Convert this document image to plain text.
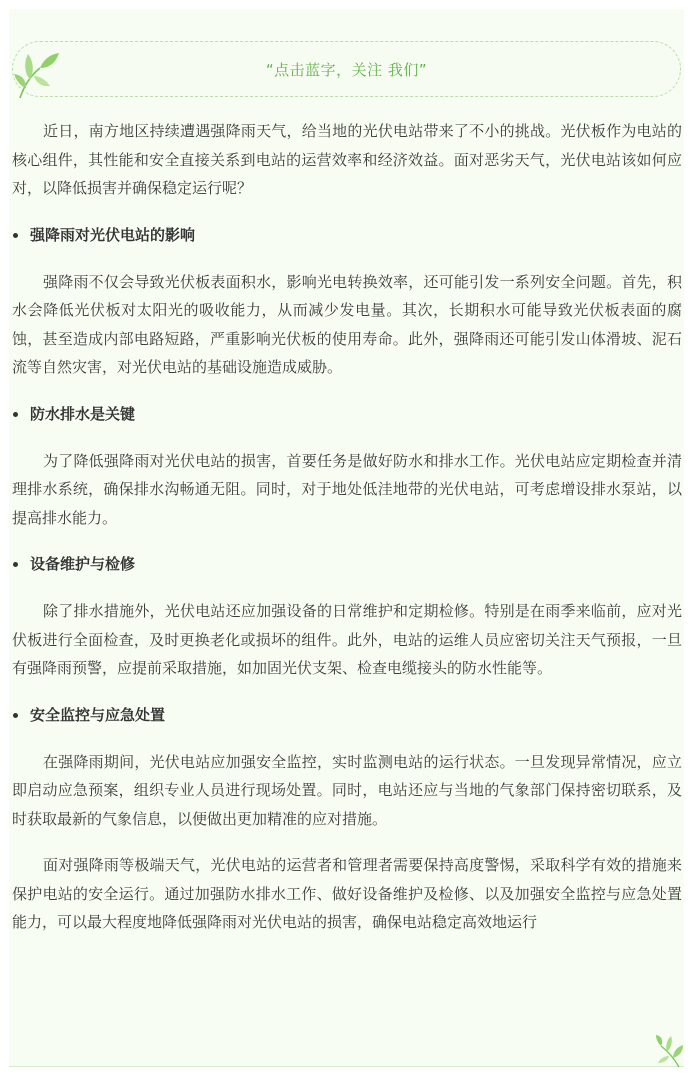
“点击蓝字，关注 我们”

近日，南方地区持续遭遇强降雨天气，给当地的光伏电站带来了不小的挑战。光伏板作为电站的核心组件，其性能和安全直接关系到电站的运营效率和经济效益。面对恶劣天气，光伏电站该如何应对，以降低损害并确保稳定运行呢？

强降雨对光伏电站的影响

强降雨不仅会导致光伏板表面积水，影响光电转换效率，还可能引发一系列安全问题。首先，积水会降低光伏板对太阳光的吸收能力，从而减少发电量。其次，长期积水可能导致光伏板表面的腐蚀，甚至造成内部电路短路，严重影响光伏板的使用寿命。此外，强降雨还可能引发山体滑坡、泥石流等自然灾害，对光伏电站的基础设施造成威胁。

防水排水是关键

为了降低强降雨对光伏电站的损害，首要任务是做好防水和排水工作。光伏电站应定期检查并清理排水系统，确保排水沟畅通无阻。同时，对于地处低洼地带的光伏电站，可考虑增设排水泵站，以提高排水能力。

设备维护与检修

除了排水措施外，光伏电站还应加强设备的日常维护和定期检修。特别是在雨季来临前，应对光伏板进行全面检查，及时更换老化或损坏的组件。此外，电站的运维人员应密切关注天气预报，一旦有强降雨预警，应提前采取措施，如加固光伏支架、检查电缆接头的防水性能等。

安全监控与应急处置

在强降雨期间，光伏电站应加强安全监控，实时监测电站的运行状态。一旦发现异常情况，应立即启动应急预案，组织专业人员进行现场处置。同时，电站还应与当地的气象部门保持密切联系，及时获取最新的气象信息，以便做出更加精准的应对措施。

面对强降雨等极端天气，光伏电站的运营者和管理者需要保持高度警惕，采取科学有效的措施来保护电站的安全运行。通过加强防水排水工作、做好设备维护及检修、以及加强安全监控与应急处置能力，可以最大程度地降低强降雨对光伏电站的损害，确保电站稳定高效地运行
